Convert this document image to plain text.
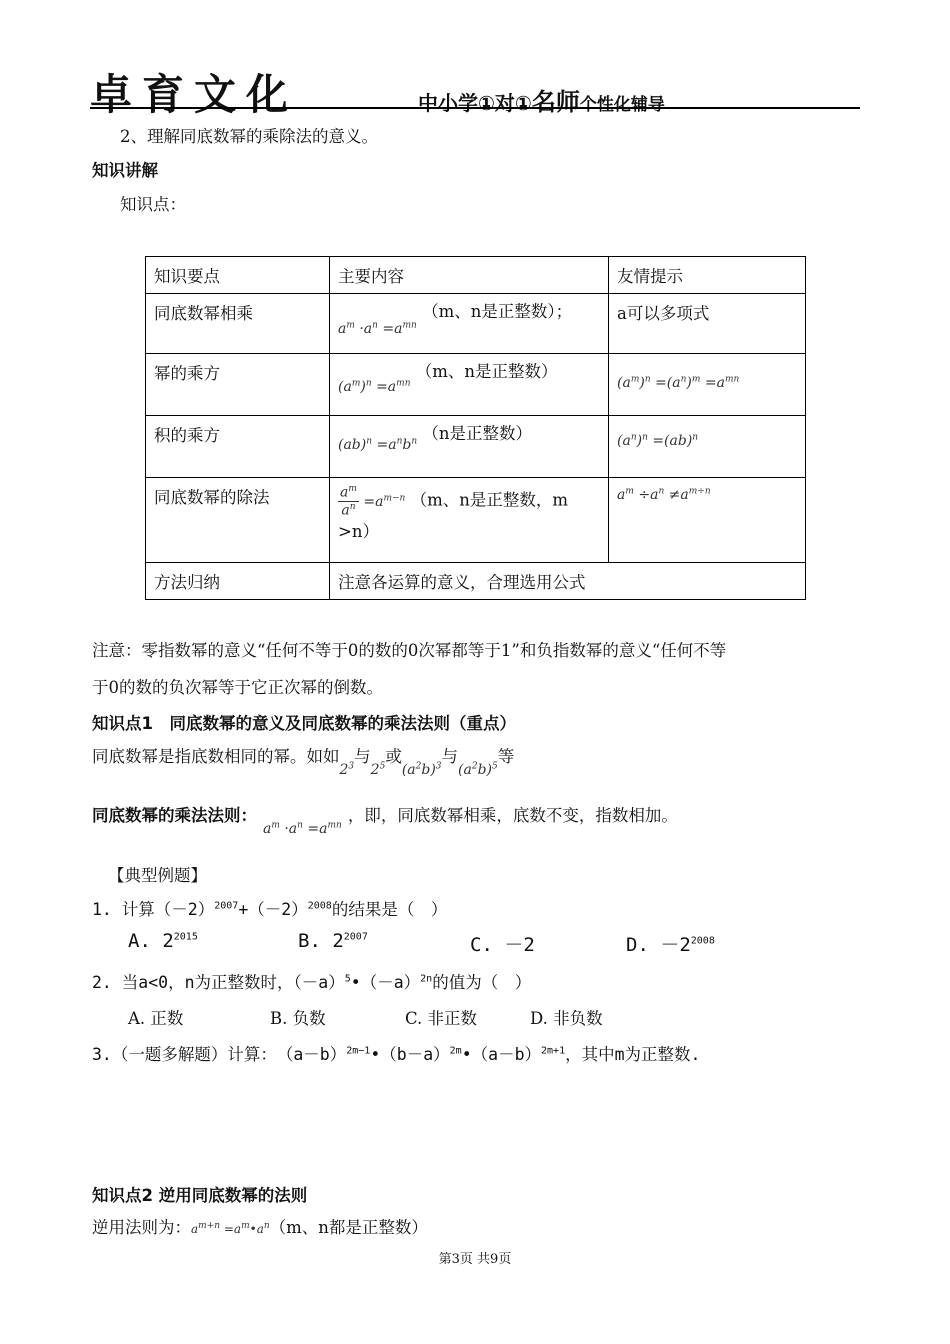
卓育文化	中小学①对①名师个性化辅导
2、理解同底数幂的乘除法的意义。
知识讲解
知识点：
知识要点	主要内容	友情提示
同底数幂相乘	$_{a^m \cdot a^n =a^{mn}}$ （m、n是正整数）；	a可以多项式
幂的乘方	$_{(a^m)^n =a^{mn}}$ （m、n是正整数）	$_{(a^m)^n =(a^n)^m =a^{mn}}$
积的乘方	$_{(ab)^n =a^nb^n}$ （n是正整数）	$_{(a^n)^n =(ab)^n}$
同底数幂的除法	$\frac{a^m}{a^n} =a^{m-n}$ （m、n是正整数，m >n）	$a^m \div a^n \ne a^{m\div n}$
方法归纳	注意各运算的意义，合理选用公式	
注意：零指数幂的意义“任何不等于0的数的0次幂都等于1”和负指数幂的意义“任何不等
于0的数的负次幂等于它正次幂的倒数。
知识点1　同底数幂的意义及同底数幂的乘法法则（重点）
同底数幂是指底数相同的幂。如如$_{2^3}$与$_{2^5}$或$_{(a^2b)^3}$与$_{(a^2b)^5}$等
同底数幂的乘法法则：$_{a^m \cdot a^n =a^{mn}}$，即，同底数幂相乘，底数不变，指数相加。
【典型例题】
1. 计算$(-2)^{2007}+(-2)^{2008}$的结果是（　）
A. $2^{2015}$	B. $2^{2007}$	C. －2	D. $-2^{2008}$
2. 当a<0，n为正整数时，$(-a)^5•(-a)^{2n}$的值为（　）
A. 正数	B. 负数	C. 非正数	D. 非负数
3.（一题多解题）计算：　$(a-b)^{2m-1}•(b-a)^{2m}•(a-b)^{2m+1}$，其中m为正整数.
知识点2 逆用同底数幂的法则
逆用法则为：$a^{m+n}$ $=a^m•a^n(m$、n都是正整数）
第3页 共9页
